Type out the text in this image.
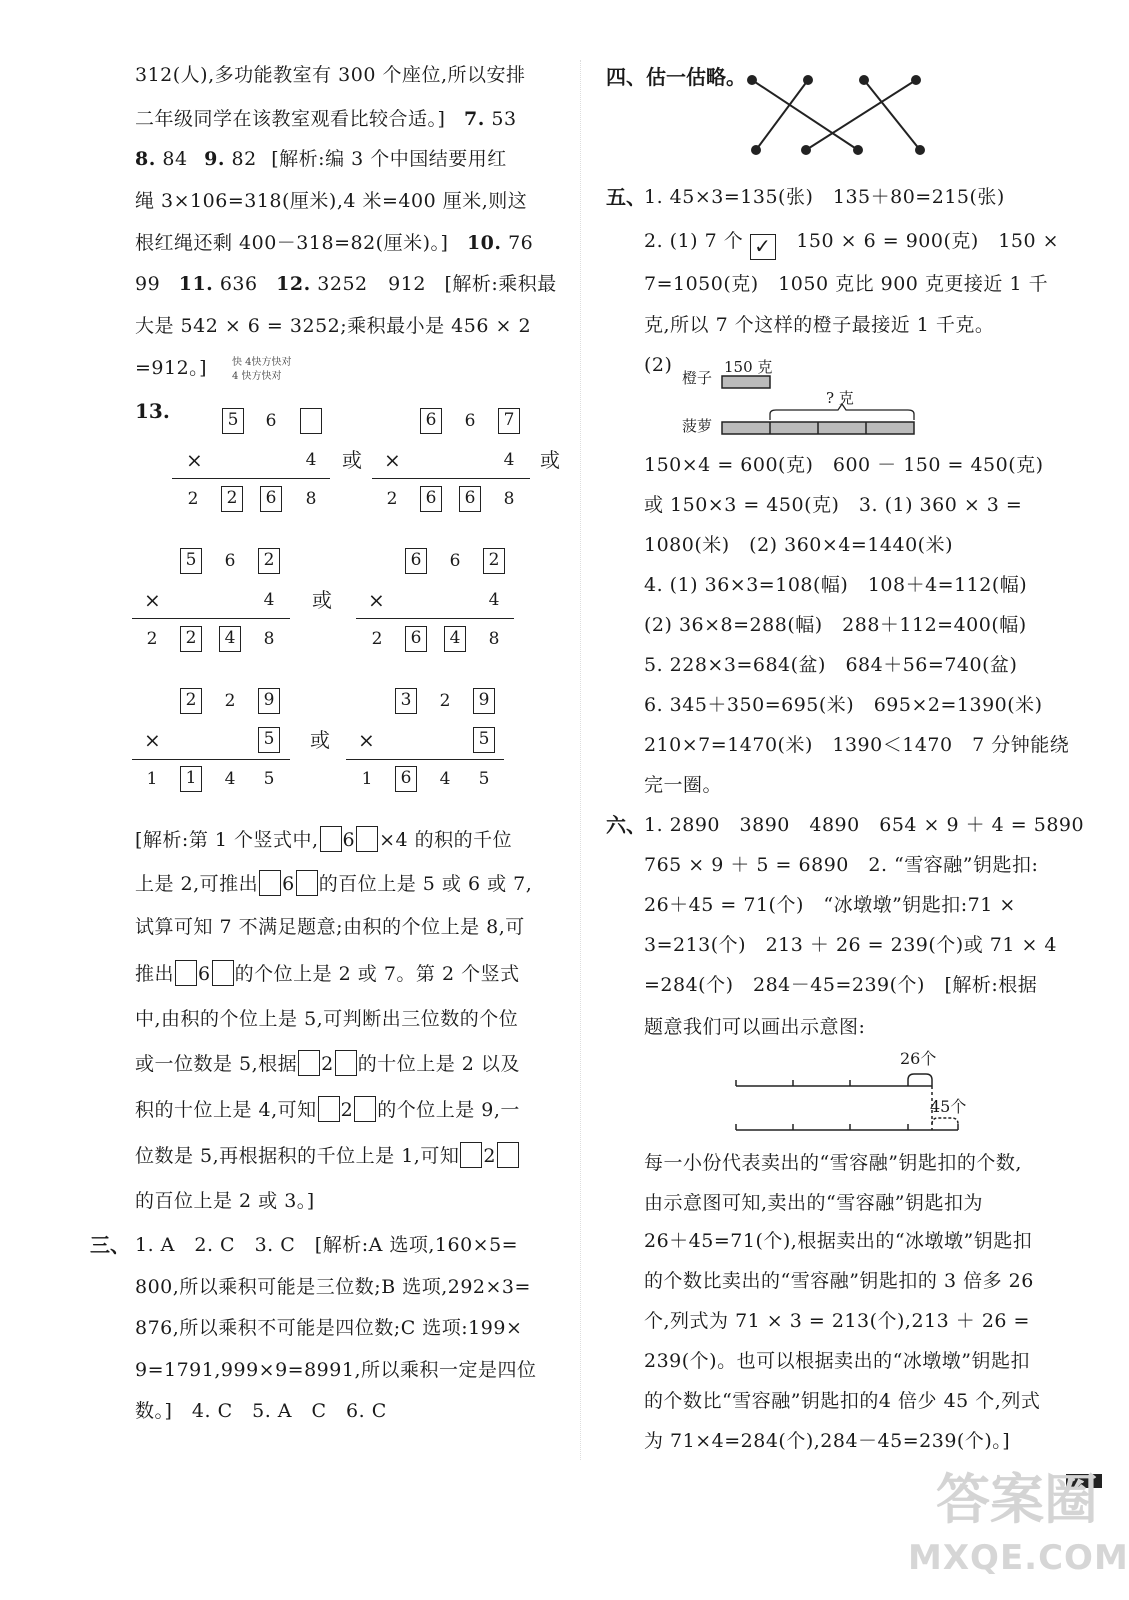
312(人),多功能教室有 300 个座位,所以安排
二年级同学在该教室观看比较合适。] 7. 53
8. 84 9. 82 [解析:编 3 个中国结要用红
绳 3×106=318(厘米),4 米=400 厘米,则这
根红绳还剩 400－318=82(厘米)。] 10. 76
99 11. 636 12. 3252 912 [解析:乘积最
大是 542 × 6 = 3252;乘积最小是 456 × 2
=912。] 快 4快方快对
4 快方快对
13.	5	6
×	4
2	2	6	8
或
6	6	7
×	4
2	6	6	8
或
5	6	2
×	4
2	2	4	8
或
6	6	2
×	4
2	6	4	8
2	2	9
×	5
1	1	4	5
或
3	2	9
×	5
1	6	4	5
[解析:第 1 个竖式中, 6 ×4 的积的千位
上是 2,可推出 6 的百位上是 5 或 6 或 7,
试算可知 7 不满足题意;由积的个位上是 8,可
推出 6 的个位上是 2 或 7。第 2 个竖式
中,由积的个位上是 5,可判断出三位数的个位
或一位数是 5,根据 2 的十位上是 2 以及
积的十位上是 4,可知 2 的个位上是 9,一
位数是 5,再根据积的千位上是 1,可知 2
的百位上是 2 或 3。]
三、 1. A　2. C　3. C　[解析:A 选项,160×5=
800,所以乘积可能是三位数;B 选项,292×3=
876,所以乘积不可能是四位数;C 选项:199×
9=1791,999×9=8991,所以乘积一定是四位
数。]　4. C　5. A　C　6. C
四、估一估略。
五、
1. 45×3=135(张)　135＋80=215(张)
2. (1) 7 个 ✓ 150 × 6 = 900(克)　150 ×
7=1050(克)　1050 克比 900 克更接近 1 千
克,所以 7 个这样的橙子最接近 1 千克。
(2)
橙子
150 克
菠萝
? 克
150×4 = 600(克)　600 － 150 = 450(克)
或 150×3 = 450(克)　3. (1) 360 × 3 =
1080(米)　(2) 360×4=1440(米)
4. (1) 36×3=108(幅)　108＋4=112(幅)
(2) 36×8=288(幅)　288＋112=400(幅)
5. 228×3=684(盆)　684＋56=740(盆)
6. 345＋350=695(米)　695×2=1390(米)
210×7=1470(米)　1390＜1470　7 分钟能绕
完一圈。
六、
1. 2890　3890　4890　654 × 9 ＋ 4 = 5890
765 × 9 ＋ 5 = 6890　2. “雪容融”钥匙扣:
26＋45 = 71(个)　“冰墩墩”钥匙扣:71 ×
3=213(个)　213 ＋ 26 = 239(个)或 71 × 4
=284(个)　284－45=239(个)　[解析:根据
题意我们可以画出示意图:
26个
45个
每一小份代表卖出的“雪容融”钥匙扣的个数,
由示意图可知,卖出的“雪容融”钥匙扣为
26＋45=71(个),根据卖出的“冰墩墩”钥匙扣
的个数比卖出的“雪容融”钥匙扣的 3 倍多 26
个,列式为 71 × 3 = 213(个),213 ＋ 26 =
239(个)。也可以根据卖出的“冰墩墩”钥匙扣
的个数比“雪容融”钥匙扣的4 倍少 45 个,列式
为 71×4=284(个),284－45=239(个)。]
答案圈
MXQE.COM
